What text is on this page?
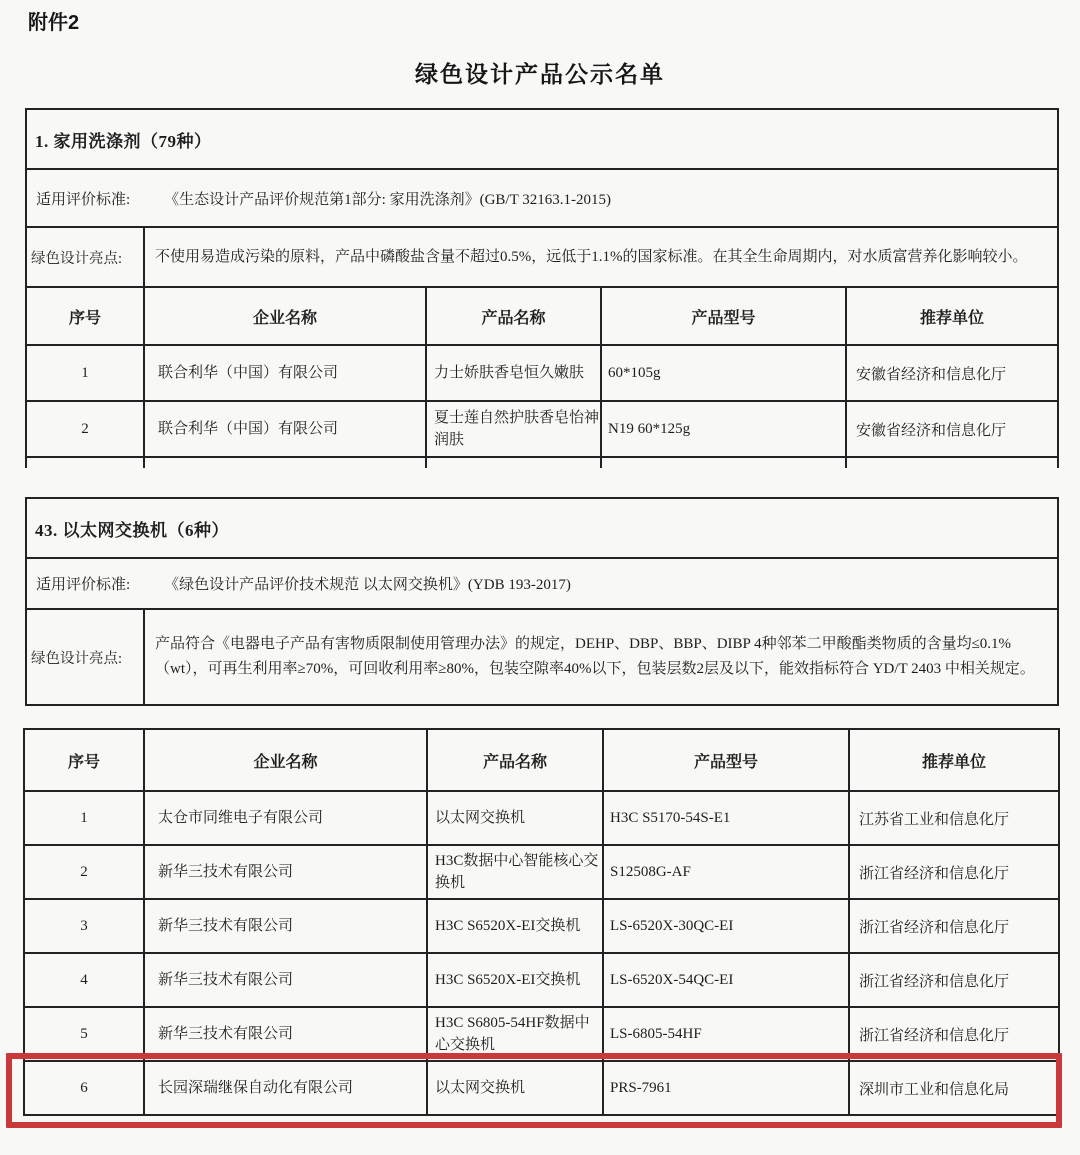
附件2
绿色设计产品公示名单
1. 家用洗涤剂（79种）				
适用评价标准: 《生态设计产品评价规范第1部分: 家用洗涤剂》(GB/T 32163.1-2015)				
绿色设计亮点:	不使用易造成污染的原料，产品中磷酸盐含量不超过0.5%，远低于1.1%的国家标准。在其全生命周期内，对水质富营养化影响较小。			
序号	企业名称	产品名称	产品型号	推荐单位
1	联合利华（中国）有限公司	力士娇肤香皂恒久嫩肤	60*105g	安徽省经济和信息化厅
2	联合利华（中国）有限公司	夏士莲自然护肤香皂怡神润肤	N19 60*125g	安徽省经济和信息化厅

43. 以太网交换机（6种）
适用评价标准: 《绿色设计产品评价技术规范 以太网交换机》(YDB 193-2017)
绿色设计亮点:	产品符合《电器电子产品有害物质限制使用管理办法》的规定，DEHP、DBP、BBP、DIBP 4种邻苯二甲酸酯类物质的含量均≤0.1%（wt），可再生利用率≥70%，可回收利用率≥80%，包装空隙率40%以下，包装层数2层及以下，能效指标符合 YD/T 2403 中相关规定。
序号	企业名称	产品名称	产品型号	推荐单位
1	太仓市同维电子有限公司	以太网交换机	H3C S5170-54S-E1	江苏省工业和信息化厅
2	新华三技术有限公司	H3C数据中心智能核心交换机	S12508G-AF	浙江省经济和信息化厅
3	新华三技术有限公司	H3C S6520X-EI交换机	LS-6520X-30QC-EI	浙江省经济和信息化厅
4	新华三技术有限公司	H3C S6520X-EI交换机	LS-6520X-54QC-EI	浙江省经济和信息化厅
5	新华三技术有限公司	H3C S6805-54HF数据中心交换机	LS-6805-54HF	浙江省经济和信息化厅
6	长园深瑞继保自动化有限公司	以太网交换机	PRS-7961	深圳市工业和信息化局
